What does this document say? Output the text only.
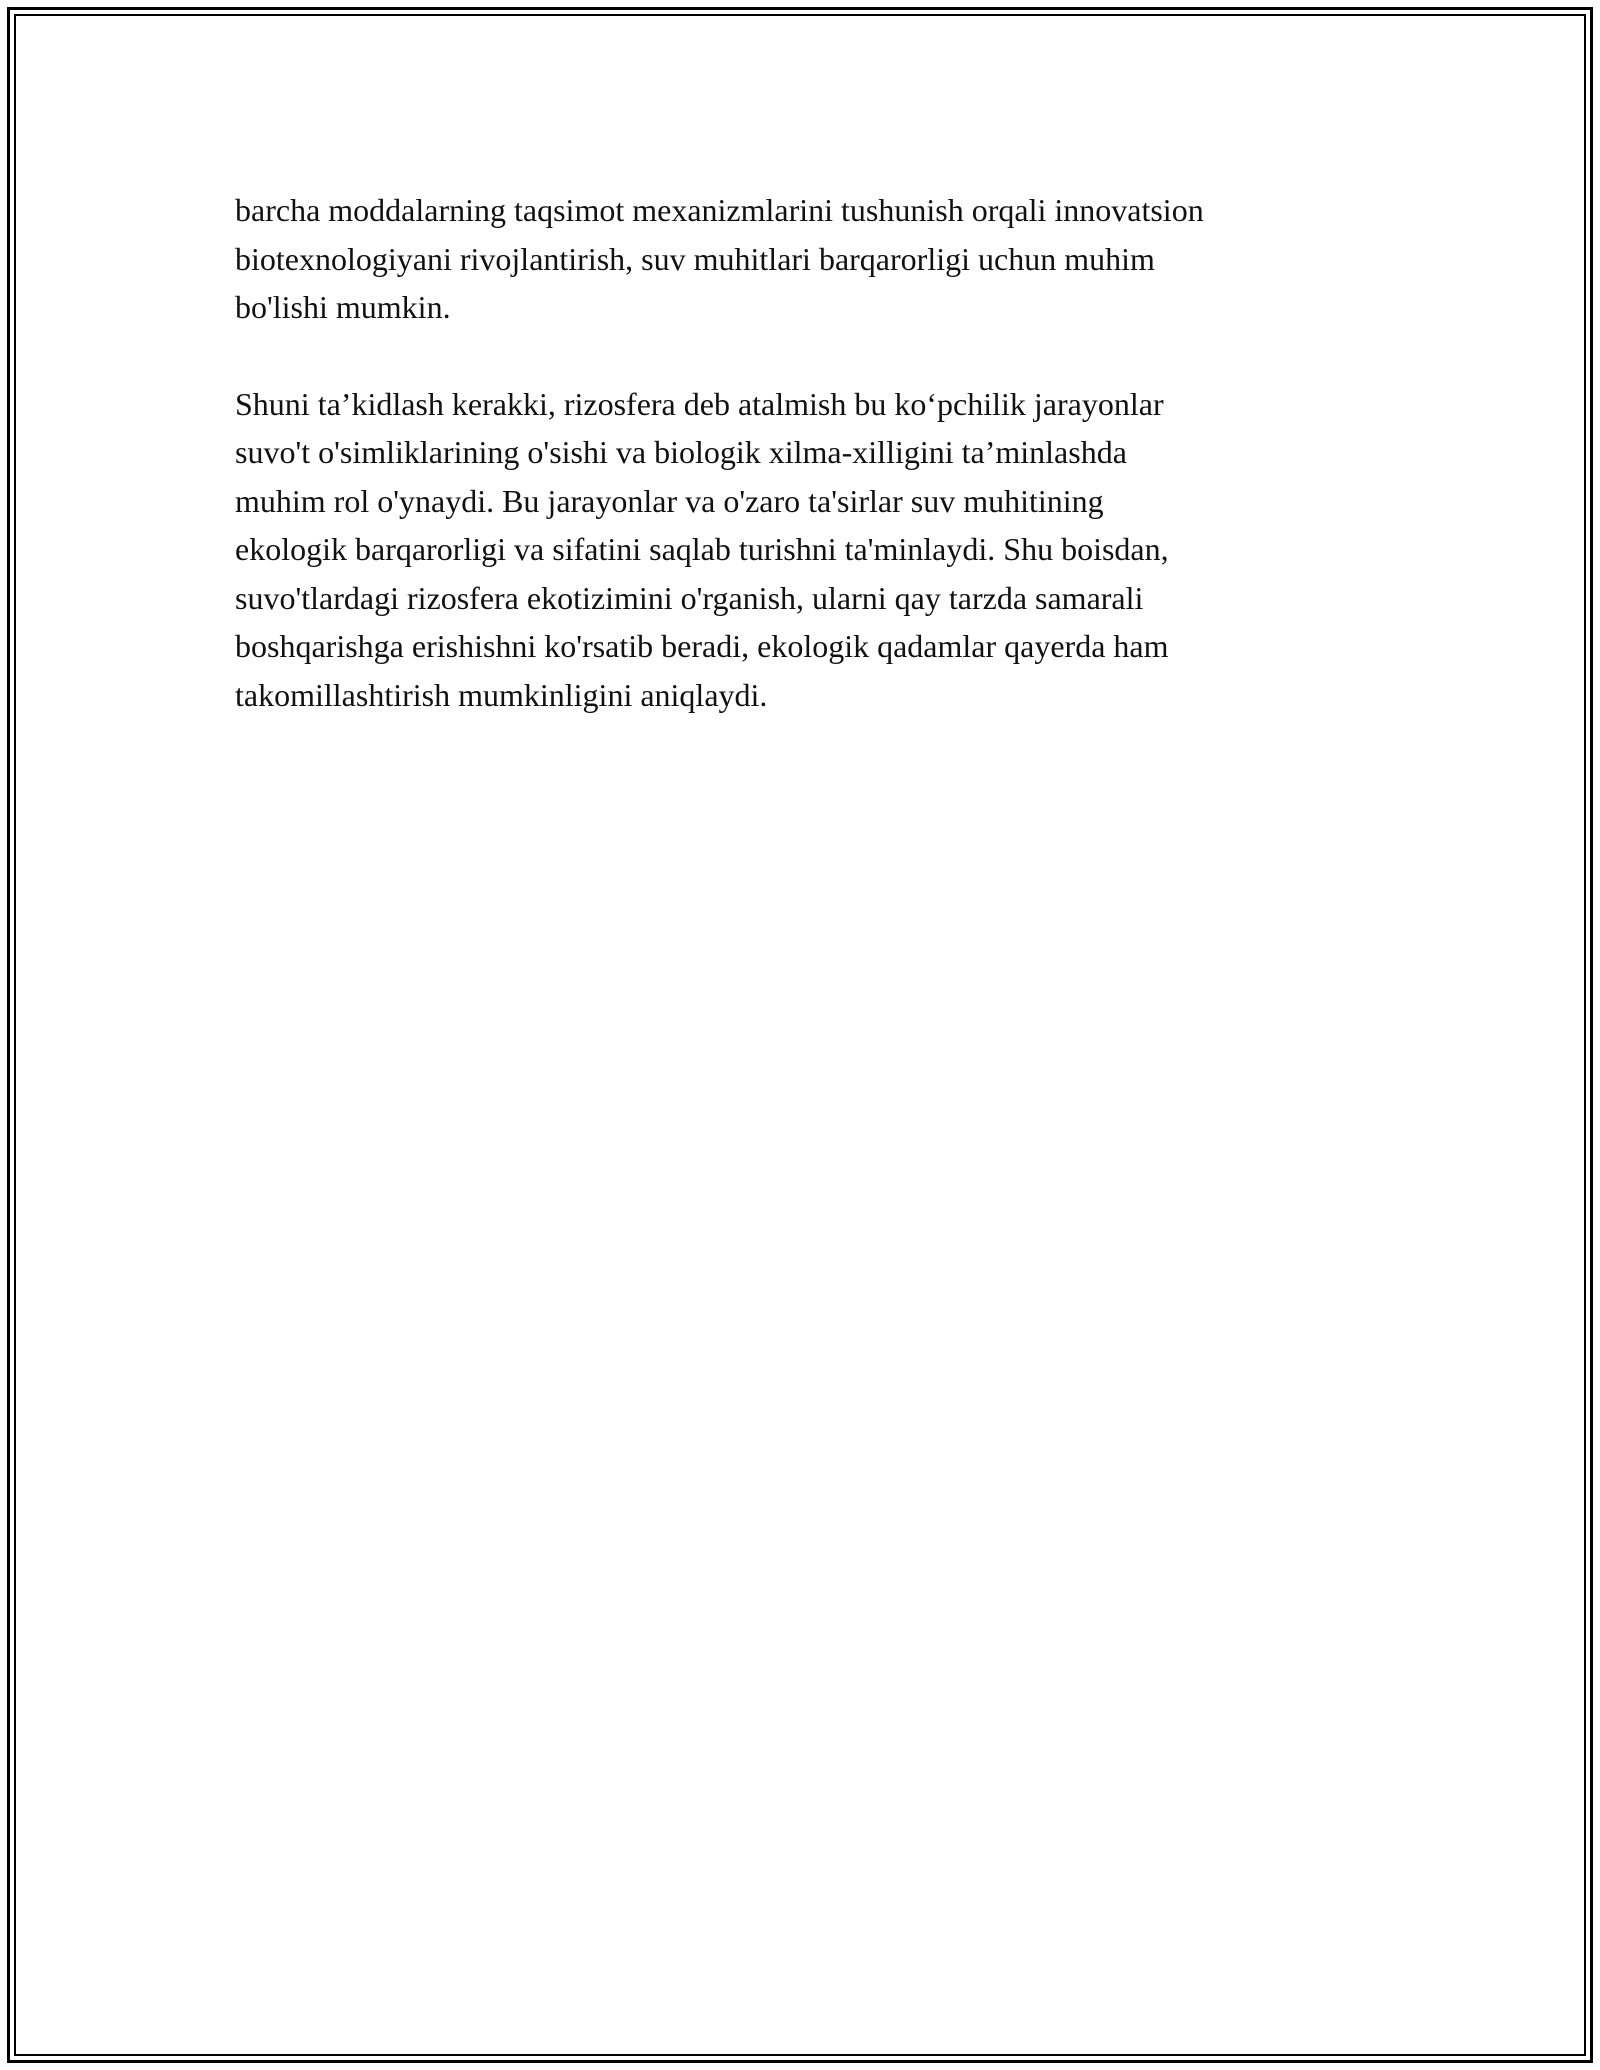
barcha moddalarning taqsimot mexanizmlarini tushunish orqali innovatsion
biotexnologiyani rivojlantirish, suv muhitlari barqarorligi uchun muhim
bo'lishi mumkin.

Shuni ta’kidlash kerakki, rizosfera deb atalmish bu ko‘pchilik jarayonlar
suvo't o'simliklarining o'sishi va biologik xilma-xilligini ta’minlashda
muhim rol o'ynaydi. Bu jarayonlar va o'zaro ta'sirlar suv muhitining
ekologik barqarorligi va sifatini saqlab turishni ta'minlaydi. Shu boisdan,
suvo'tlardagi rizosfera ekotizimini o'rganish, ularni qay tarzda samarali
boshqarishga erishishni ko'rsatib beradi, ekologik qadamlar qayerda ham
takomillashtirish mumkinligini aniqlaydi.
